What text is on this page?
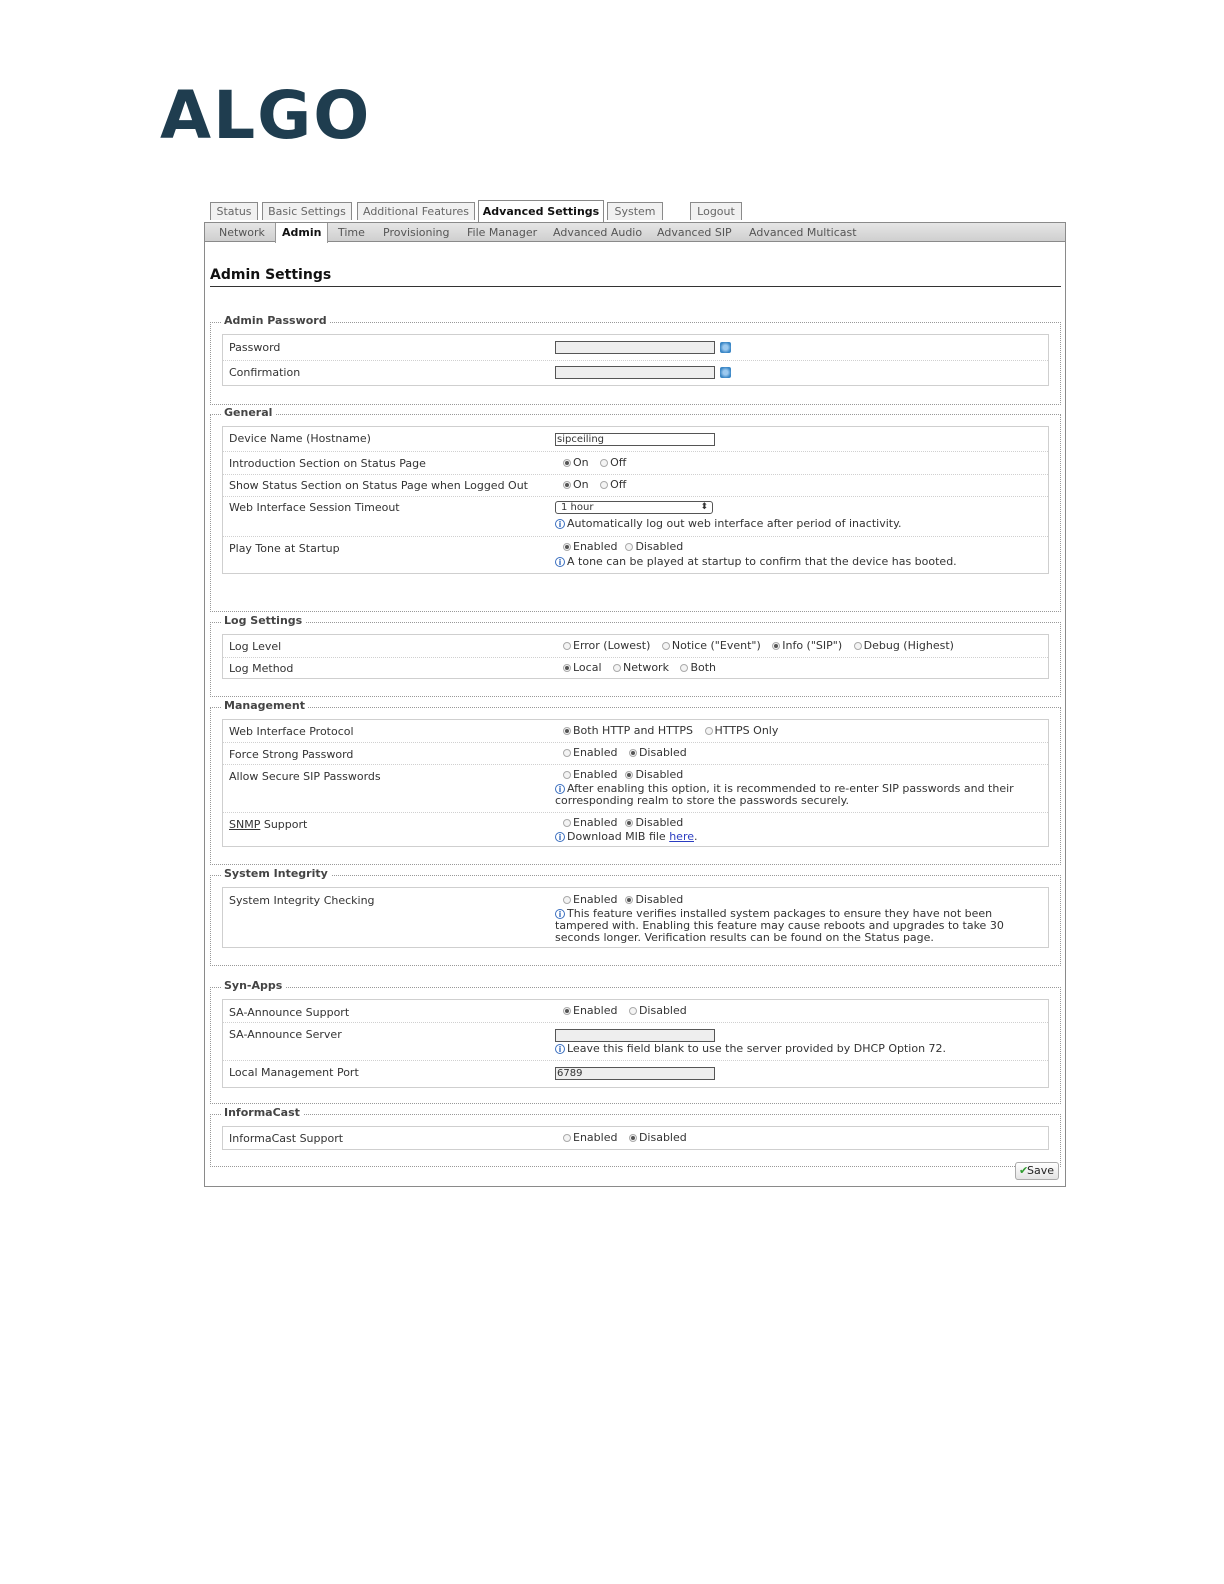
ALGO
Status	Basic Settings	Additional Features	Advanced Settings	System	Logout
Network	Admin	Time Provisioning File Manager Advanced Audio Advanced SIP Advanced Multicast
Admin Settings
Admin Password
Password
Confirmation
General
Device Name (Hostname)	sipceiling
Introduction Section on Status Page	On Off
Show Status Section on Status Page when Logged Out	On Off
Web Interface Session Timeout	1 hour	⬍
i Automatically log out web interface after period of inactivity.
Play Tone at Startup	Enabled Disabled
i A tone can be played at startup to confirm that the device has booted.
Log Settings
Log Level	Error (Lowest) Notice ("Event") Info ("SIP") Debug (Highest)
Log Method	Local Network Both
Management
Web Interface Protocol	Both HTTP and HTTPS HTTPS Only
Force Strong Password	Enabled Disabled
Allow Secure SIP Passwords	Enabled Disabled
i After enabling this option, it is recommended to re-enter SIP passwords and their
corresponding realm to store the passwords securely.
SNMP Support	Enabled Disabled
i Download MIB file here.
System Integrity
System Integrity Checking	Enabled Disabled
i This feature verifies installed system packages to ensure they have not been
tampered with. Enabling this feature may cause reboots and upgrades to take 30
seconds longer. Verification results can be found on the Status page.
Syn-Apps
SA-Announce Support	Enabled Disabled
SA-Announce Server
i Leave this field blank to use the server provided by DHCP Option 72.
Local Management Port	6789
InformaCast
InformaCast Support	Enabled Disabled
✔
Save
